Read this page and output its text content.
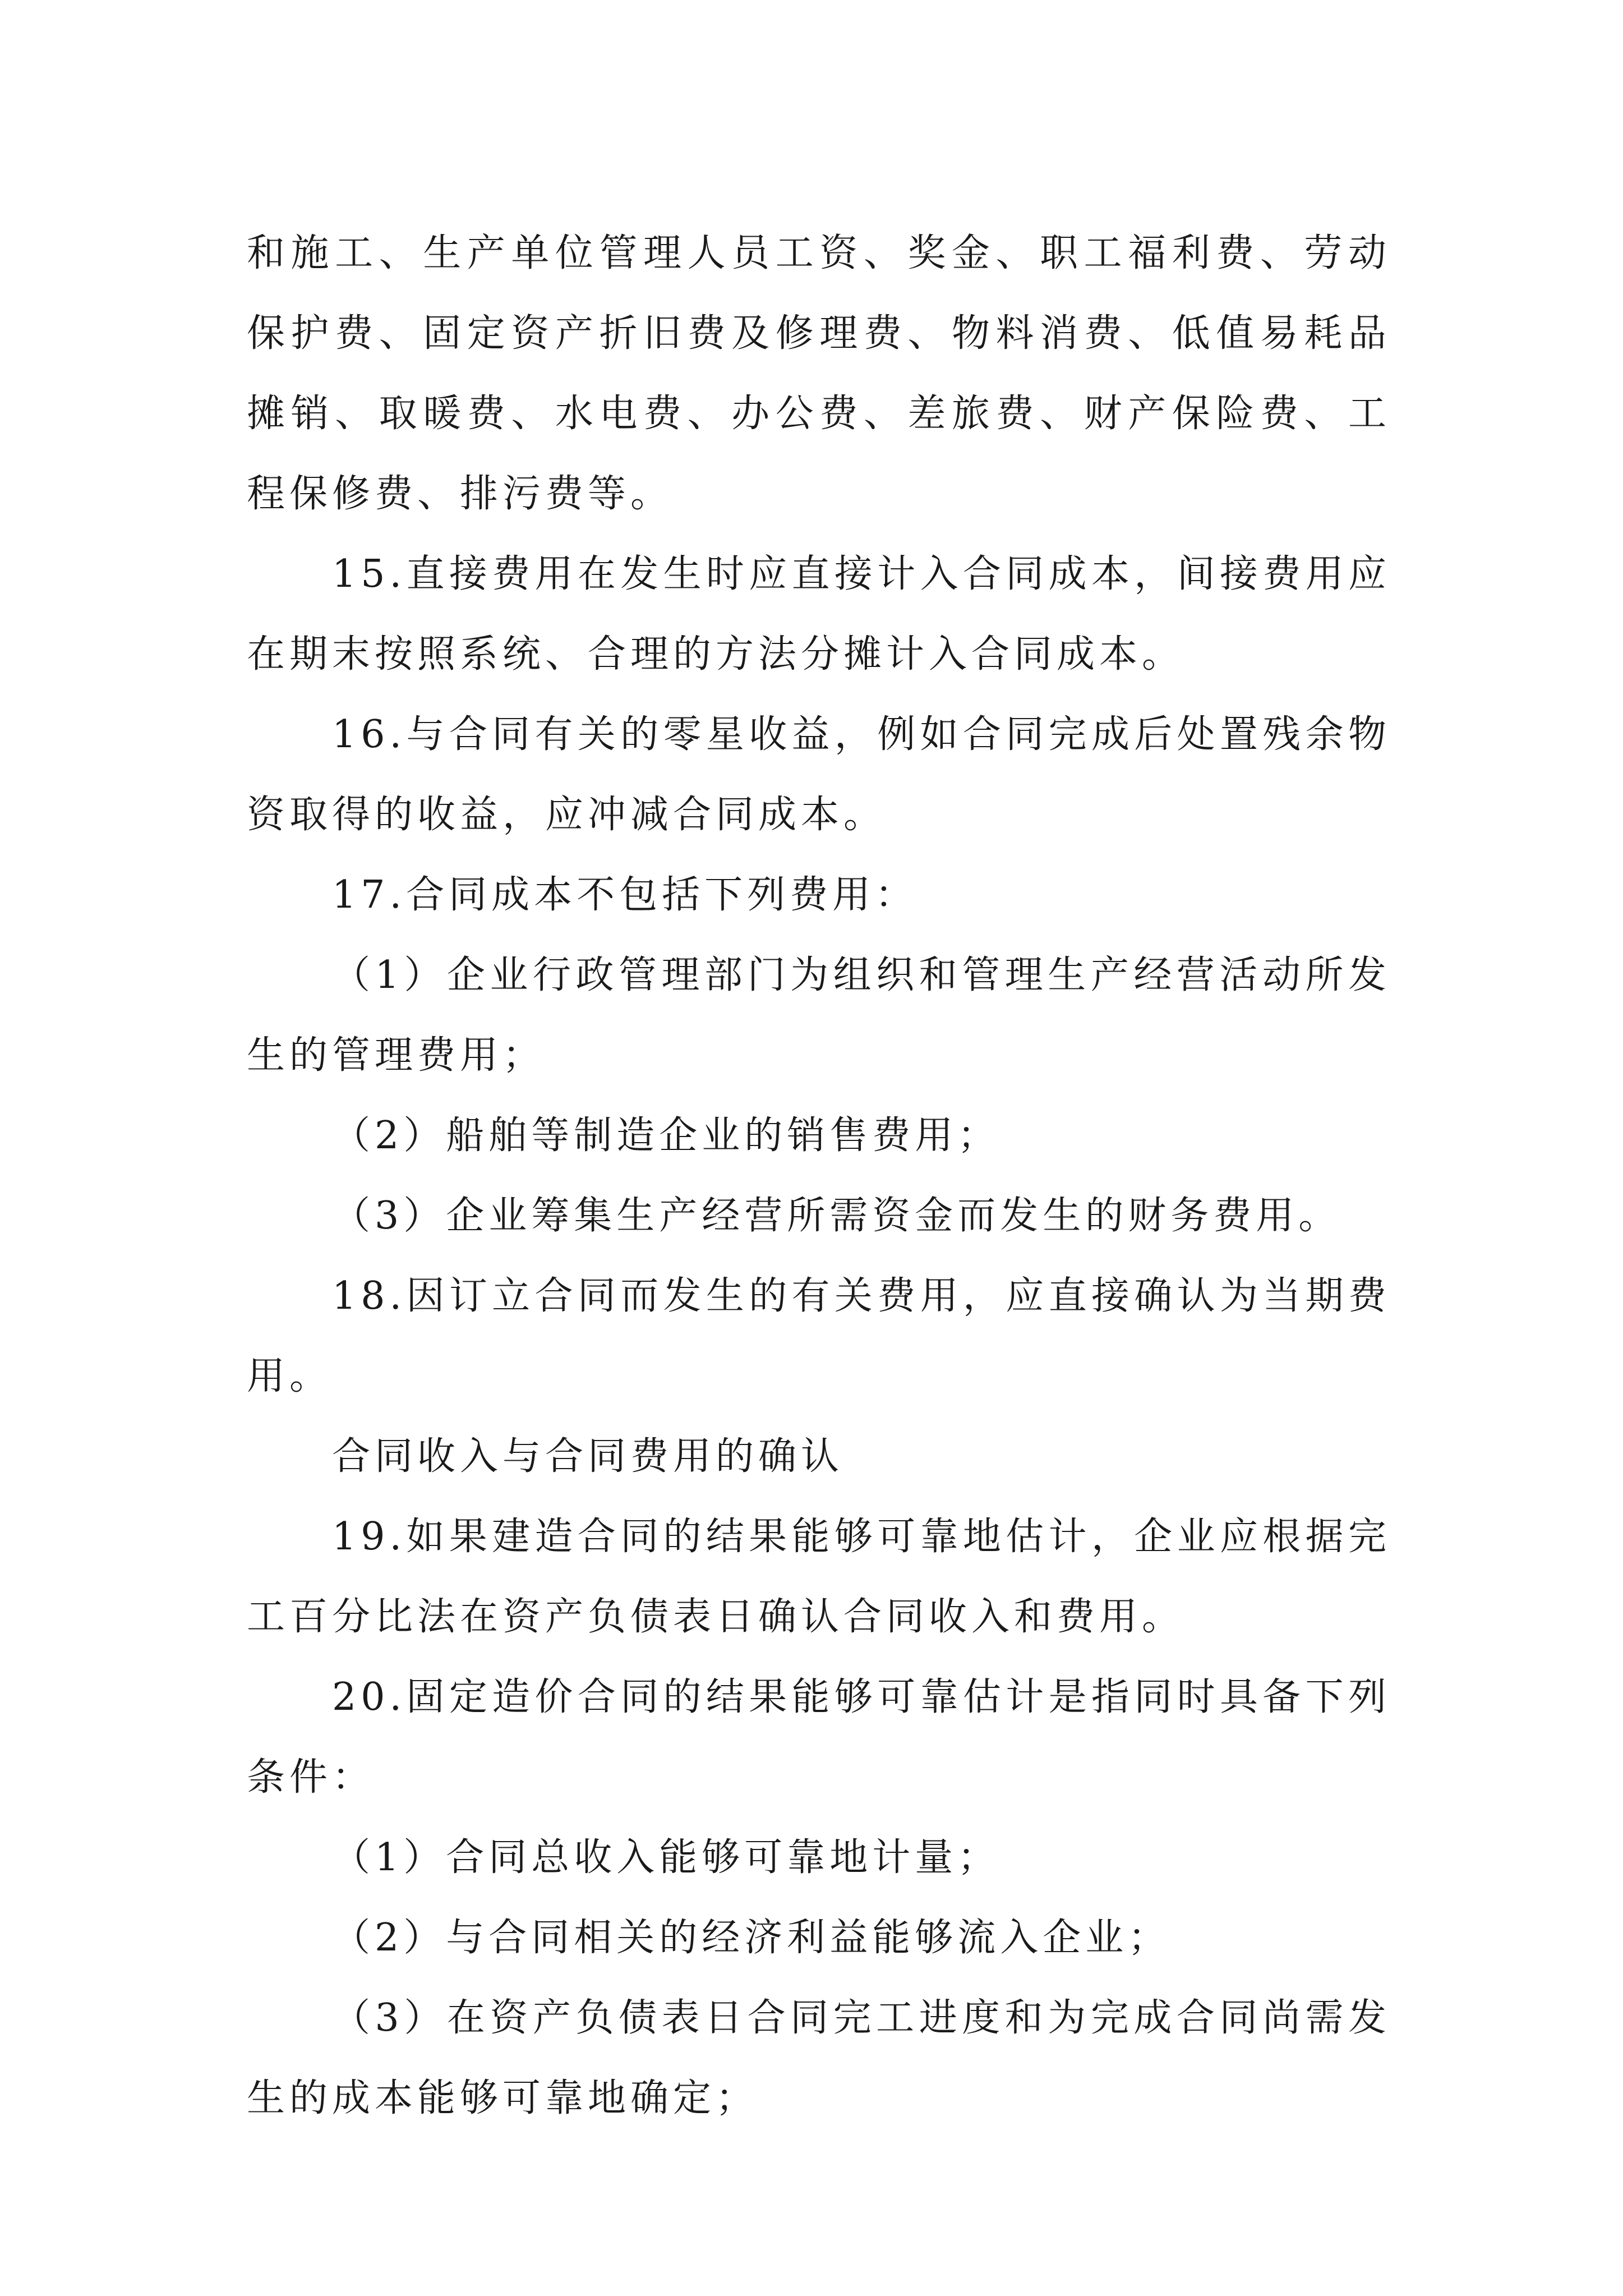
和施工、生产单位管理人员工资、奖金、职工福利费、劳动保护费、固定资产折旧费及修理费、物料消费、低值易耗品摊销、取暖费、水电费、办公费、差旅费、财产保险费、工程保修费、排污费等。

15.直接费用在发生时应直接计入合同成本，间接费用应在期末按照系统、合理的方法分摊计入合同成本。

16.与合同有关的零星收益，例如合同完成后处置残余物资取得的收益，应冲减合同成本。

17.合同成本不包括下列费用：

（1）企业行政管理部门为组织和管理生产经营活动所发生的管理费用；

（2）船舶等制造企业的销售费用；

（3）企业筹集生产经营所需资金而发生的财务费用。

18.因订立合同而发生的有关费用，应直接确认为当期费用。

合同收入与合同费用的确认

19.如果建造合同的结果能够可靠地估计，企业应根据完工百分比法在资产负债表日确认合同收入和费用。

20.固定造价合同的结果能够可靠估计是指同时具备下列条件：

（1）合同总收入能够可靠地计量；

（2）与合同相关的经济利益能够流入企业；

（3）在资产负债表日合同完工进度和为完成合同尚需发生的成本能够可靠地确定；
